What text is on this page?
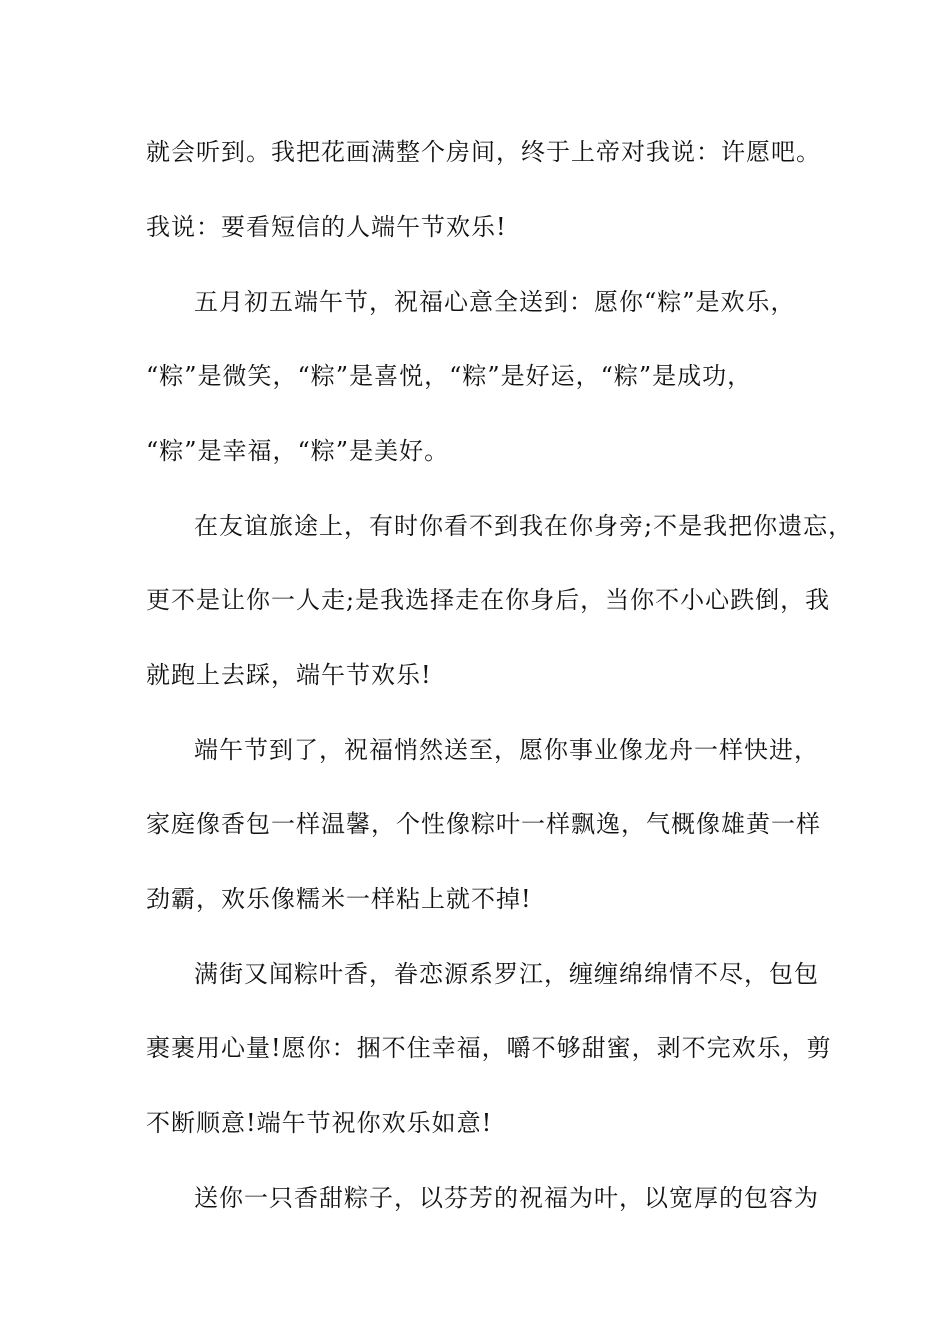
就会听到。我把花画满整个房间，终于上帝对我说：许愿吧。
我说：要看短信的人端午节欢乐!
五月初五端午节，祝福心意全送到：愿你“粽”是欢乐，
“粽”是微笑，“粽”是喜悦，“粽”是好运，“粽”是成功，
“粽”是幸福，“粽”是美好。
在友谊旅途上，有时你看不到我在你身旁;不是我把你遗忘，
更不是让你一人走;是我选择走在你身后，当你不小心跌倒，我
就跑上去踩，端午节欢乐!
端午节到了，祝福悄然送至，愿你事业像龙舟一样快进，
家庭像香包一样温馨，个性像粽叶一样飘逸，气概像雄黄一样
劲霸，欢乐像糯米一样粘上就不掉!
满街又闻粽叶香，眷恋源系罗江，缠缠绵绵情不尽，包包
裹裹用心量!愿你：捆不住幸福，嚼不够甜蜜，剥不完欢乐，剪
不断顺意!端午节祝你欢乐如意!
送你一只香甜粽子，以芬芳的祝福为叶，以宽厚的包容为
